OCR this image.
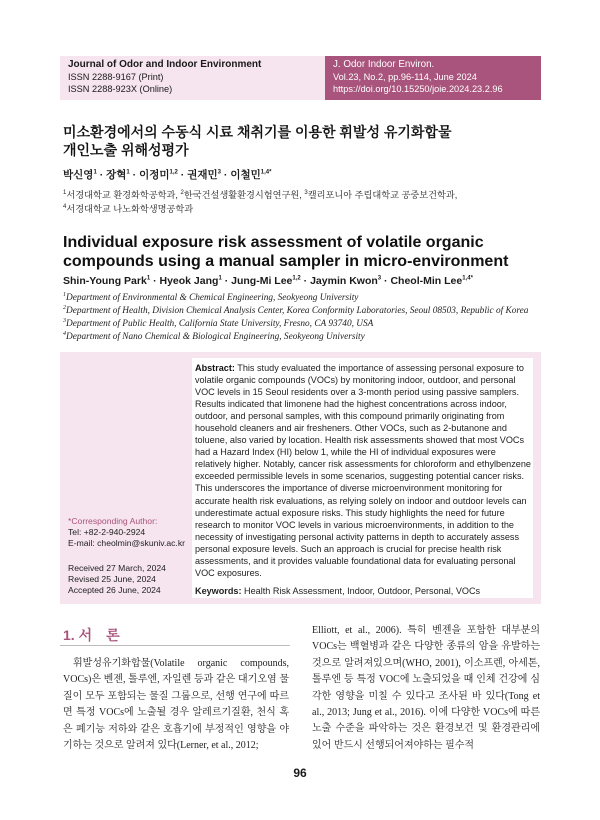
Journal of Odor and Indoor Environment
ISSN 2288-9167 (Print)
ISSN 2288-923X (Online)
J. Odor Indoor Environ.
Vol.23, No.2, pp.96-114, June 2024
https://doi.org/10.15250/joie.2024.23.2.96
미소환경에서의 수동식 시료 채취기를 이용한 휘발성 유기화합물
개인노출 위해성평가
박신영$^1$ · 장혁$^1$ · 이정미$^{1,2}$ · 권재민$^3$ · 이철민$^{1,4*}$
$^1$서경대학교 환경화학공학과, $^2$한국건설생활환경시험연구원, $^3$캘리포니아 주립대학교 공중보건학과,
$^4$서경대학교 나노화학생명공학과
Individual exposure risk assessment of volatile organic
compounds using a manual sampler in micro-environment
Shin-Young Park$^1$ · Hyeok Jang$^1$ · Jung-Mi Lee$^{1,2}$ · Jaymin Kwon$^3$ · Cheol-Min Lee$^{1,4*}$
$^1$Department of Environmental & Chemical Engineering, Seokyeong University
$^2$Department of Health, Division Chemical Analysis Center, Korea Conformity Laboratories, Seoul 08503, Republic of Korea
$^3$Department of Public Health, California State University, Fresno, CA 93740, USA
$^4$Department of Nano Chemical & Biological Engineering, Seokyeong University
Abstract: This study evaluated the importance of assessing personal exposure to volatile organic compounds (VOCs) by monitoring indoor, outdoor, and personal VOC levels in 15 Seoul residents over a 3-month period using passive samplers. Results indicated that limonene had the highest concentrations across indoor, outdoor, and personal samples, with this compound primarily originating from household cleaners and air fresheners. Other VOCs, such as 2-butanone and toluene, also varied by location. Health risk assessments showed that most VOCs had a Hazard Index (HI) below 1, while the HI of individual exposures were relatively higher. Notably, cancer risk assessments for chloroform and ethylbenzene exceeded permissible levels in some scenarios, suggesting potential cancer risks. This underscores the importance of diverse microenvironment monitoring for accurate health risk evaluations, as relying solely on indoor and outdoor levels can underestimate actual exposure risks. This study highlights the need for future research to monitor VOC levels in various microenvironments, in addition to the necessity of investigating personal activity patterns in depth to accurately assess personal exposure levels. Such an approach is crucial for precise health risk assessments, and it provides valuable foundational data for evaluating personal VOC exposures.
Keywords: Health Risk Assessment, Indoor, Outdoor, Personal, VOCs
*Corresponding Author:
Tel: +82-2-940-2924
E-mail: cheolmin@skuniv.ac.kr
Received 27 March, 2024
Revised 25 June, 2024
Accepted 26 June, 2024
1. 서　론
휘발성유기화합물(Volatile organic compounds, VOCs)은 벤젠, 톨루엔, 자일렌 등과 같은 대기오염 물질이 모두 포함되는 물질 그룹으로, 선행 연구에 따르면 특정 VOCs에 노출될 경우 알레르기질환, 천식 혹은 폐기능 저하와 같은 호흡기에 부정적인 영향을 야기하는 것으로 알려져 있다(Lerner, et al., 2012;
Elliott, et al., 2006). 특히 벤젠을 포함한 대부분의 VOCs는 백혈병과 같은 다양한 종류의 암을 유발하는 것으로 알려져있으며(WHO, 2001), 이소프렌, 아세톤, 톨루엔 등 특정 VOC에 노출되었을 때 인체 건강에 심각한 영향을 미칠 수 있다고 조사된 바 있다(Tong et al., 2013; Jung et al., 2016). 이에 다양한 VOCs에 따른 노출 수준을 파악하는 것은 환경보건 및 환경관리에 있어 반드시 선행되어져야하는 필수적
96
